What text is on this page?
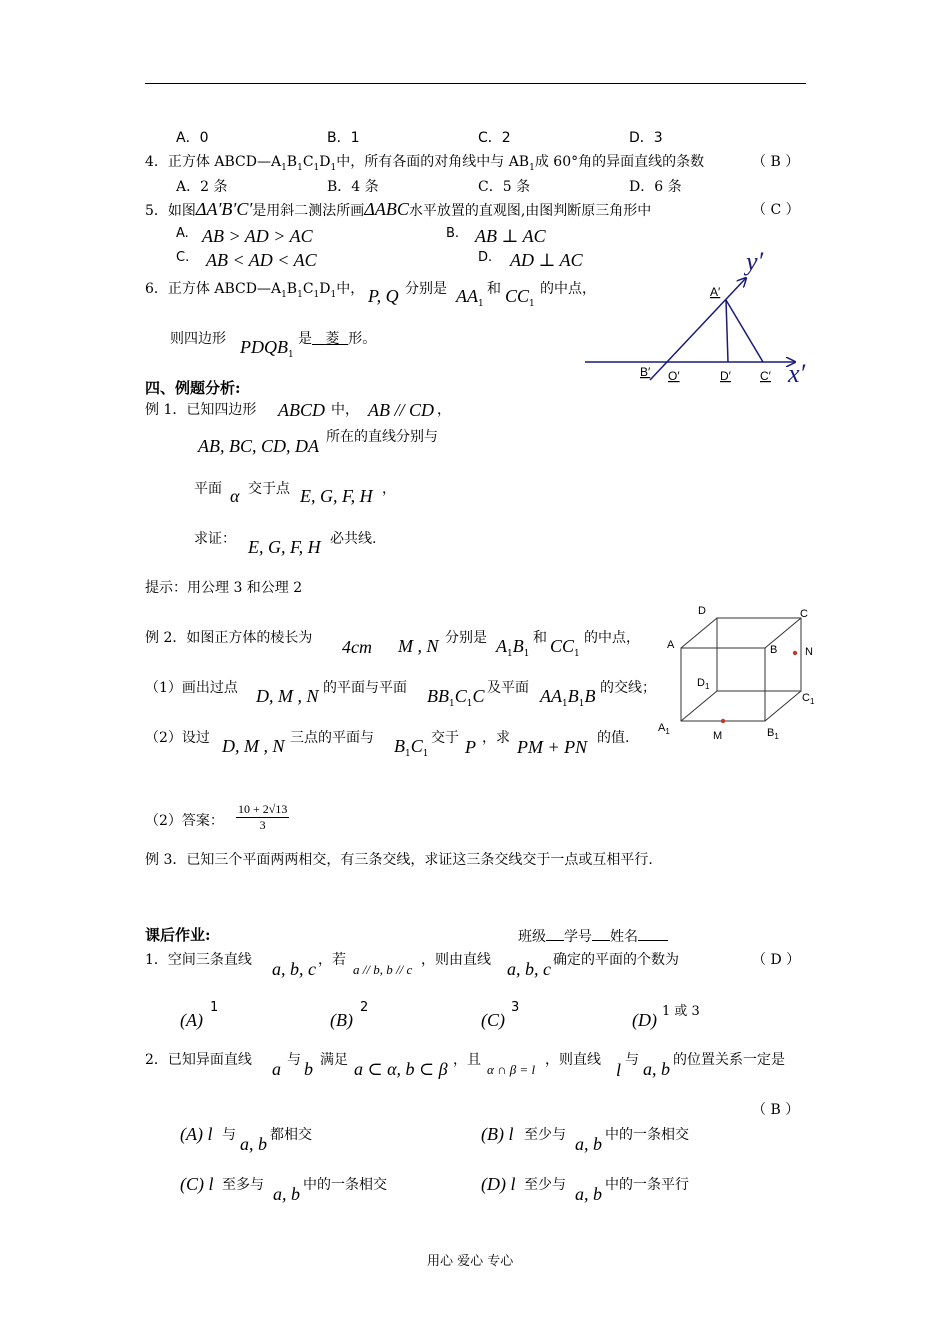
A．0	B．1	C．2	D．3
4．正方体 $ABCD—A_1B_1C_1D_1$中，所有各面的对角线中与 $AB_1$成 60°角的异面直线的条数	（ B ）
A．2 条	B．4 条	C．5 条	D．6 条
5．如图ΔA′B′C′是用斜二测法所画ΔABC水平放置的直观图,由图判断原三角形中	（ C ）
A. AB > AD > AC	B. AB ⊥ AC
C. AB < AD < AC	D. AD ⊥ AC
6．正方体 $ABCD—A_1B_1C_1D_1$中， P, Q 分别是 $AA_1$
和 $CC_1$
的中点，
则四边形 $PDQB_1$
是 菱 形。
y′
x′
A′
B′ O′	D′ C′
四、例题分析:
例 1．已知四边形 ABCD 中， AB // CD ，
AB, BC, CD, DA 所在的直线分别与
平面 α 交于点 E, G, F, H ，
求证： E, G, F, H 必共线.
提示：用公理 3 和公理 2
例 2．如图正方体的棱长为 4cm M , N 分别是 $A_1B_1$
和 $CC_1$
的中点，
（1）画出过点 D, M , N 的平面与平面 $BB_1C_1C$ 及平面 $AA_1B_1B$ 的交线；
（2）设过 D, M , N 三点的平面与 $B_1C_1$
交于 P ，求 PM + PN 的值.
（2）答案： $\frac{10 + 2√13}{3}$
D	C
A	B	N
$D_1$
$C_1$
$A_1$	M	$B_1$
例 3．已知三个平面两两相交，有三条交线，求证这三条交线交于一点或互相平行.
课后作业:	班级 学号 姓名
1．空间三条直线 a, b, c ，若
a // b, b // c
，则由直线 a, b, c 确定的平面的个数为	（ D ）
(A)
1
(B)
2
(C)
3
(D) 1 或 3
2．已知异面直线 a 与 b 满足 a ⊂ α, b ⊂ β ，且
α ∩ β = l
，则直线 l 与 a, b 的位置关系一定是
（ B ）
(A) l 与 a, b 都相交	(B) l 至少与 a, b 中的一条相交
(C) l 至多与 a, b 中的一条相交	(D) l 至少与 a, b 中的一条平行
用心 爱心 专心
